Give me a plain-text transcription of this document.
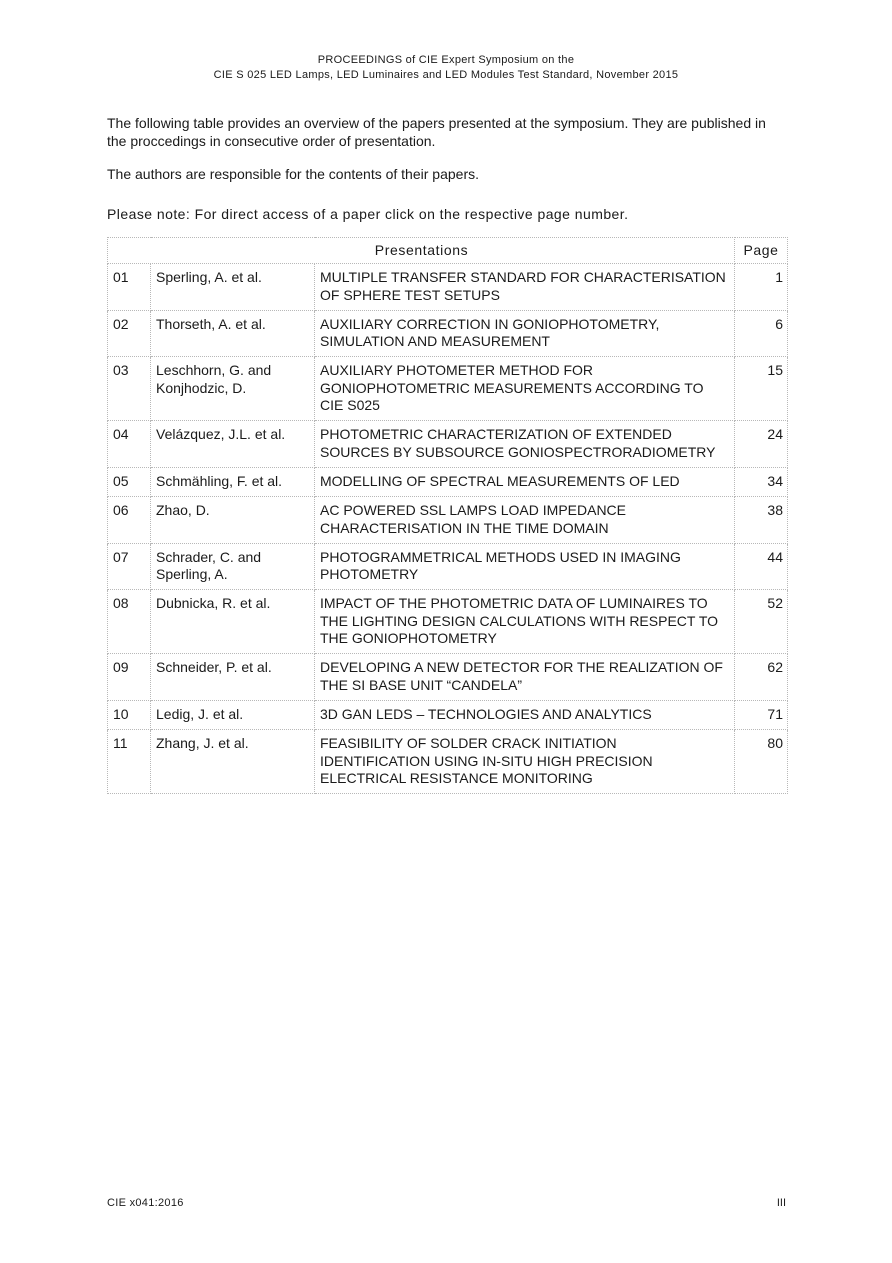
PROCEEDINGS of CIE Expert Symposium on the
CIE S 025 LED Lamps, LED Luminaires and LED Modules Test Standard, November 2015
The following table provides an overview of the papers presented at the symposium. They are published in the proccedings in consecutive order of presentation.
The authors are responsible for the contents of their papers.
Please note: For direct access of a paper click on the respective page number.
Presentations			Page
01	Sperling, A. et al.	MULTIPLE TRANSFER STANDARD FOR CHARACTERISATION OF SPHERE TEST SETUPS	1
02	Thorseth, A. et al.	AUXILIARY CORRECTION IN GONIOPHOTOMETRY, SIMULATION AND MEASUREMENT	6
03	Leschhorn, G. and Konjhodzic, D.	AUXILIARY PHOTOMETER METHOD FOR GONIOPHOTOMETRIC MEASUREMENTS ACCORDING TO CIE S025	15
04	Velázquez, J.L. et al.	PHOTOMETRIC CHARACTERIZATION OF EXTENDED SOURCES BY SUBSOURCE GONIOSPECTRORADIOMETRY	24
05	Schmähling, F. et al.	MODELLING OF SPECTRAL MEASUREMENTS OF LED	34
06	Zhao, D.	AC POWERED SSL LAMPS LOAD IMPEDANCE CHARACTERISATION IN THE TIME DOMAIN	38
07	Schrader, C. and Sperling, A.	PHOTOGRAMMETRICAL METHODS USED IN IMAGING PHOTOMETRY	44
08	Dubnicka, R. et al.	IMPACT OF THE PHOTOMETRIC DATA OF LUMINAIRES TO THE LIGHTING DESIGN CALCULATIONS WITH RESPECT TO THE GONIOPHOTOMETRY	52
09	Schneider, P. et al.	DEVELOPING A NEW DETECTOR FOR THE REALIZATION OF THE SI BASE UNIT “CANDELA”	62
10	Ledig, J. et al.	3D GAN LEDS – TECHNOLOGIES AND ANALYTICS	71
11	Zhang, J. et al.	FEASIBILITY OF SOLDER CRACK INITIATION IDENTIFICATION USING IN-SITU HIGH PRECISION ELECTRICAL RESISTANCE MONITORING	80
CIE x041:2016	III
